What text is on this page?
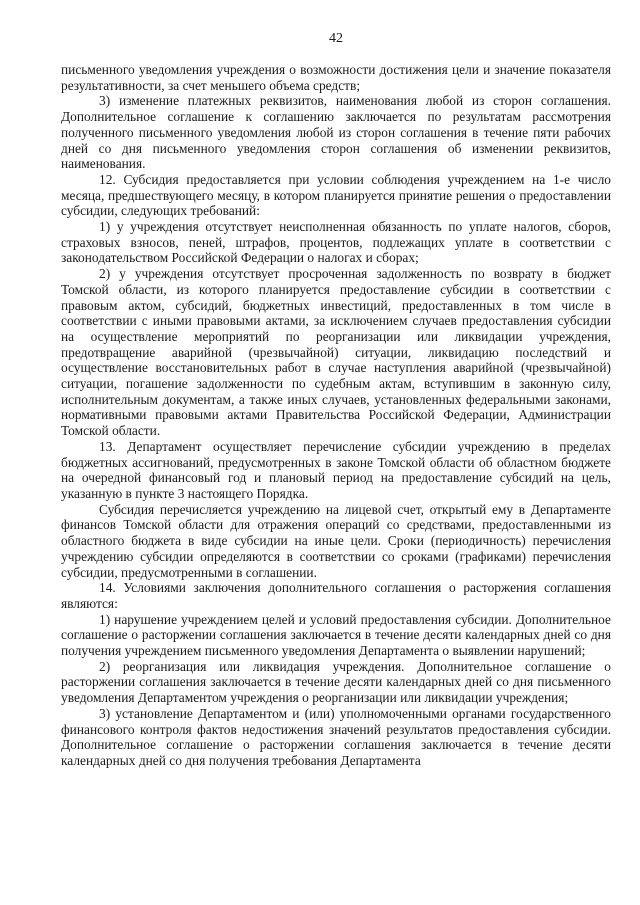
42

письменного уведомления учреждения о возможности достижения цели и значение показателя результативности, за счет меньшего объема средств;

3) изменение платежных реквизитов, наименования любой из сторон соглашения. Дополнительное соглашение к соглашению заключается по результатам рассмотрения полученного письменного уведомления любой из сторон соглашения в течение пяти рабочих дней со дня письменного уведомления сторон соглашения об изменении реквизитов, наименования.

12. Субсидия предоставляется при условии соблюдения учреждением на 1-е число месяца, предшествующего месяцу, в котором планируется принятие решения о предоставлении субсидии, следующих требований:

1) у учреждения отсутствует неисполненная обязанность по уплате налогов, сборов, страховых взносов, пеней, штрафов, процентов, подлежащих уплате в соответствии с законодательством Российской Федерации о налогах и сборах;

2) у учреждения отсутствует просроченная задолженность по возврату в бюджет Томской области, из которого планируется предоставление субсидии в соответствии с правовым актом, субсидий, бюджетных инвестиций, предоставленных в том числе в соответствии с иными правовыми актами, за исключением случаев предоставления субсидии на осуществление мероприятий по реорганизации или ликвидации учреждения, предотвращение аварийной (чрезвычайной) ситуации, ликвидацию последствий и осуществление восстановительных работ в случае наступления аварийной (чрезвычайной) ситуации, погашение задолженности по судебным актам, вступившим в законную силу, исполнительным документам, а также иных случаев, установленных федеральными законами, нормативными правовыми актами Правительства Российской Федерации, Администрации Томской области.

13. Департамент осуществляет перечисление субсидии учреждению в пределах бюджетных ассигнований, предусмотренных в законе Томской области об областном бюджете на очередной финансовый год и плановый период на предоставление субсидий на цель, указанную в пункте 3 настоящего Порядка.

Субсидия перечисляется учреждению на лицевой счет, открытый ему в Департаменте финансов Томской области для отражения операций со средствами, предоставленными из областного бюджета в виде субсидии на иные цели. Сроки (периодичность) перечисления учреждению субсидии определяются в соответствии со сроками (графиками) перечисления субсидии, предусмотренными в соглашении.

14. Условиями заключения дополнительного соглашения о расторжения соглашения являются:

1) нарушение учреждением целей и условий предоставления субсидии. Дополнительное соглашение о расторжении соглашения заключается в течение десяти календарных дней со дня получения учреждением письменного уведомления Департамента о выявлении нарушений;

2) реорганизация или ликвидация учреждения. Дополнительное соглашение о расторжении соглашения заключается в течение десяти календарных дней со дня письменного уведомления Департаментом учреждения о реорганизации или ликвидации учреждения;

3) установление Департаментом и (или) уполномоченными органами государственного финансового контроля фактов недостижения значений результатов предоставления субсидии. Дополнительное соглашение о расторжении соглашения заключается в течение десяти календарных дней со дня получения требования Департамента
